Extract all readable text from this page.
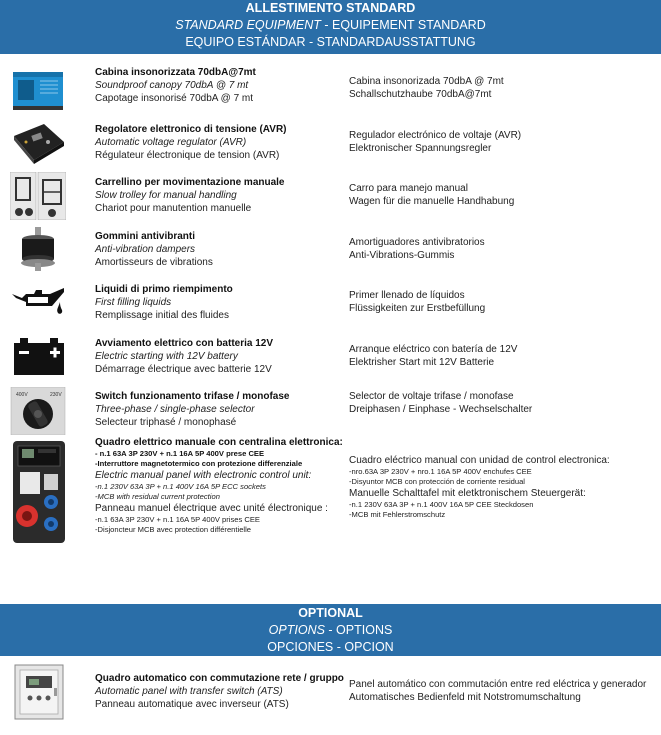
ALLESTIMENTO STANDARD
STANDARD EQUIPMENT - EQUIPEMENT STANDARD
EQUIPO ESTÁNDAR - STANDARDAUSSTATTUNG
Cabina insonorizzata 70dbA@7mt
Soundproof canopy 70dbA @ 7 mt
Capotage insonorisé 70dbA @ 7 mt
Cabina insonorizada 70dbA @ 7mt
Schallschutzhaube 70dbA@7mt
Regolatore elettronico di tensione (AVR)
Automatic voltage regulator (AVR)
Régulateur électronique de tension (AVR)
Regulador electrónico de voltaje (AVR)
Elektronischer Spannungsregler
Carrellino per movimentazione manuale
Slow trolley for manual handling
Chariot pour manutention manuelle
Carro para manejo manual
Wagen für die manuelle Handhabung
Gommini antivibranti
Anti-vibration dampers
Amortisseurs de vibrations
Amortiguadores antivibratorios
Anti-Vibrations-Gummis
Liquidi di primo riempimento
First filling liquids
Remplissage initial des fluides
Primer llenado de líquidos
Flüssigkeiten zur Erstbefüllung
Avviamento elettrico con batteria 12V
Electric starting with 12V battery
Démarrage électrique avec batterie 12V
Arranque eléctrico con batería de 12V
Elektrisher Start mit 12V Batterie
400V	230V	Switch funzionamento trifase / monofase
Three-phase / single-phase selector
Selecteur triphasé / monophasé
Selector de voltaje trifase / monofase
Dreiphasen / Einphase - Wechselschalter
Quadro elettrico manuale con centralina elettronica:
- n.1 63A 3P 230V + n.1 16A 5P 400V prese CEE
-Interruttore magnetotermico con protezione differenziale
Electric manual panel with electronic control unit:
-n.1 230V 63A 3P + n.1 400V 16A 5P ECC sockets
-MCB with residual current protection
Panneau manuel électrique avec unité électronique :
-n.1 63A 3P 230V + n.1 16A 5P 400V prises CEE
-Disjoncteur MCB avec protection différentielle
Cuadro eléctrico manual con unidad de control electronica:
-nro.63A 3P 230V + nro.1 16A 5P 400V enchufes CEE
-Disyuntor MCB con protección de corriente residual
Manuelle Schalttafel mit eletktronischem Steuergerät:
-n.1 230V 63A 3P + n.1 400V 16A 5P CEE Steckdosen
-MCB mit Fehlerstromschutz
OPTIONAL
OPTIONS - OPTIONS
OPCIONES - OPCION
Quadro automatico con commutazione rete / gruppo
Automatic panel with transfer switch (ATS)
Panneau automatique avec inverseur (ATS)
Panel automático con commutación entre red eléctrica y generador
Automatisches Bedienfeld mit Notstromumschaltung
